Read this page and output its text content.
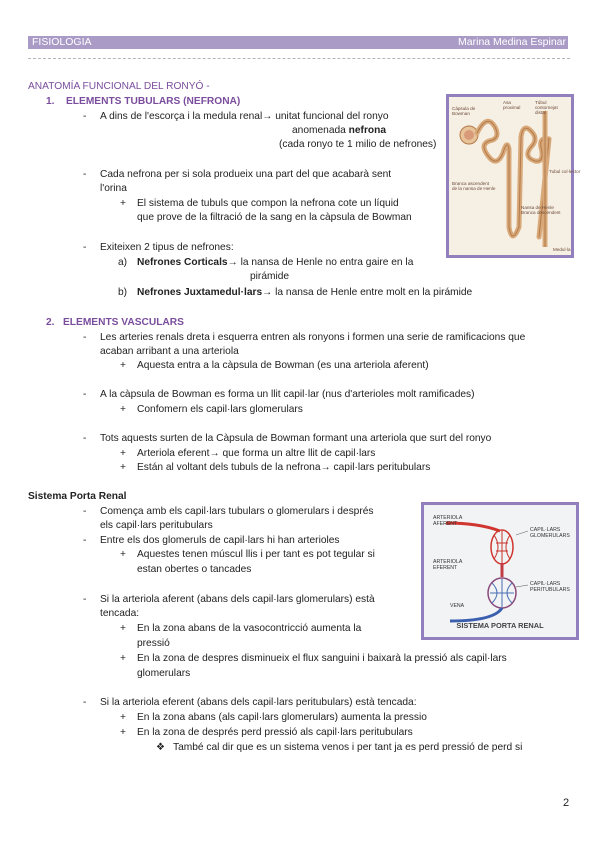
FISIOLOGIA	Marina Medina Espinar
ANATOMÍA FUNCIONAL DEL RONYÓ -
1. ELEMENTS TUBULARS (NEFRONA)
- A dins de l'escorça i la medula renal→ unitat funcional del ronyo
anomenada nefrona
(cada ronyo te 1 milio de nefrones)
- Cada nefrona per si sola produeix una part del que acabarà sent
l'orina
+ El sistema de tubuls que compon la nefrona cote un líquid
que prove de la filtració de la sang en la càpsula de Bowman
- Exiteixen 2 tipus de nefrones:
a) Nefrones Corticals→ la nansa de Henle no entra gaire en la
pirámide
b) Nefrones Juxtamedul·lars→ la nansa de Henle entre molt en la pirámide
Càpsula de
Bowman
Asa
proximal
Túbul
contornejat
distal
Tubul col·lector
Branca ascendent
de la nansa de Henle
Nansa de Henle
Branca descendent
Medul·la
2. ELEMENTS VASCULARS
- Les arteries renals dreta i esquerra entren als ronyons i formen una serie de ramificacions que
acaban arribant a una arteriola
+ Aquesta entra a la càpsula de Bowman (es una arteriola aferent)
- A la càpsula de Bowman es forma un llit capil·lar (nus d'arterioles molt ramificades)
+ Confomern els capil·lars glomerulars
- Tots aquests surten de la Càpsula de Bowman formant una arteriola que surt del ronyo
+ Arteriola eferent→ que forma un altre llit de capil·lars
+ Están al voltant dels tubuls de la nefrona→ capil·lars peritubulars
Sistema Porta Renal
- Comença amb els capil·lars tubulars o glomerulars i després
els capil·lars peritubulars
- Entre els dos glomeruls de capil·lars hi han arterioles
+ Aquestes tenen múscul llis i per tant es pot tegular si
estan obertes o tancades
- Si la arteriola aferent (abans dels capil·lars glomerulars) està
tencada:
+ En la zona abans de la vasocontricció aumenta la
pressió
+ En la zona de despres disminueix el flux sanguini i baixarà la pressió als capil·lars
glomerulars
- Si la arteriola eferent (abans dels capil·lars peritubulars) està tencada:
+ En la zona abans (als capil·lars glomerulars) aumenta la pressio
+ En la zona de després perd pressió als capil·lars peritubulars
❖ També cal dir que es un sistema venos i per tant ja es perd pressió de perd si
ARTERIOLA
AFERENT
ARTERIOLA
EFERENT
VENA
CAPIL·LARS
GLOMERULARS
CAPIL·LARS
PERITUBULARS
SISTEMA PORTA RENAL
2
